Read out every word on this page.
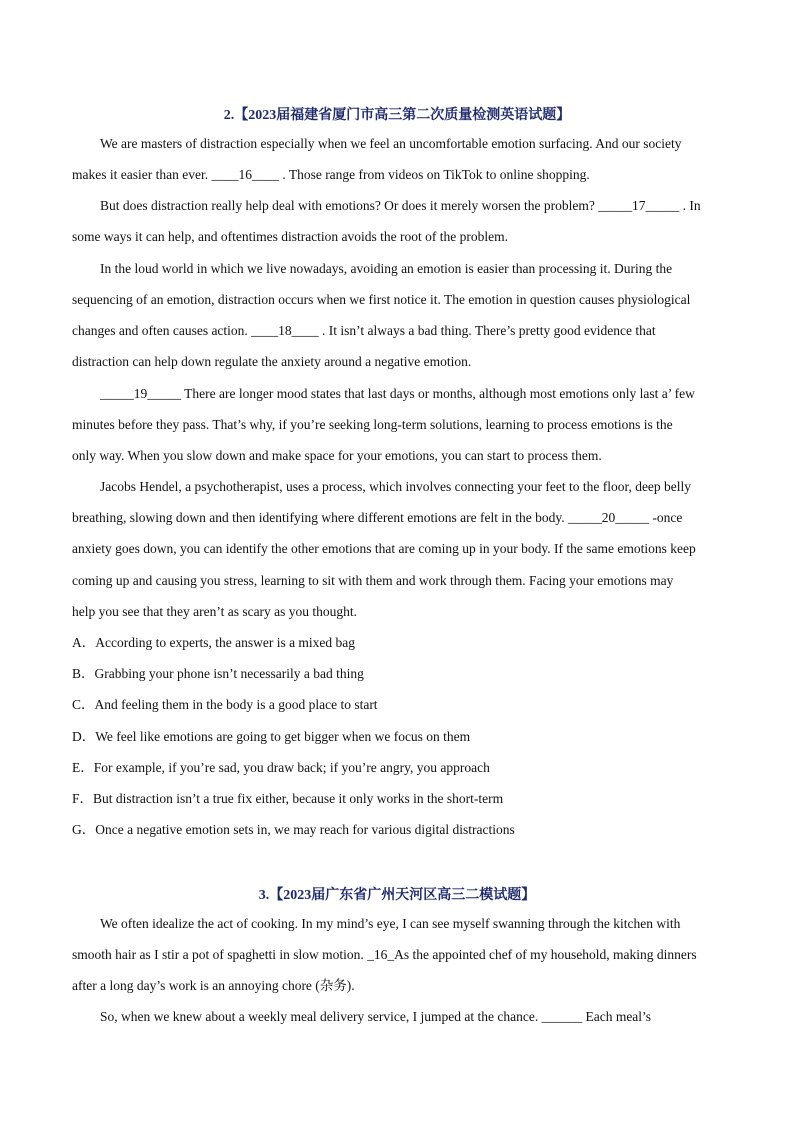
2.【2023届福建省厦门市高三第二次质量检测英语试题】
We are masters of distraction especially when we feel an uncomfortable emotion surfacing. And our society
makes it easier than ever. ____16____ . Those range from videos on TikTok to online shopping.
But does distraction really help deal with emotions? Or does it merely worsen the problem? _____17_____ . In
some ways it can help, and oftentimes distraction avoids the root of the problem.
In the loud world in which we live nowadays, avoiding an emotion is easier than processing it. During the
sequencing of an emotion, distraction occurs when we first notice it. The emotion in question causes physiological
changes and often causes action. ____18____ . It isn’t always a bad thing. There’s pretty good evidence that
distraction can help down regulate the anxiety around a negative emotion.
_____19_____ There are longer mood states that last days or months, although most emotions only last a’ few
minutes before they pass. That’s why, if you’re seeking long-term solutions, learning to process emotions is the
only way. When you slow down and make space for your emotions, you can start to process them.
Jacobs Hendel, a psychotherapist, uses a process, which involves connecting your feet to the floor, deep belly
breathing, slowing down and then identifying where different emotions are felt in the body. _____20_____ -once
anxiety goes down, you can identify the other emotions that are coming up in your body. If the same emotions keep
coming up and causing you stress, learning to sit with them and work through them. Facing your emotions may
help you see that they aren’t as scary as you thought.
A．According to experts, the answer is a mixed bag
B．Grabbing your phone isn’t necessarily a bad thing
C．And feeling them in the body is a good place to start
D．We feel like emotions are going to get bigger when we focus on them
E．For example, if you’re sad, you draw back; if you’re angry, you approach
F．But distraction isn’t a true fix either, because it only works in the short-term
G．Once a negative emotion sets in, we may reach for various digital distractions
3.【2023届广东省广州天河区高三二模试题】
We often idealize the act of cooking. In my mind’s eye, I can see myself swanning through the kitchen with
smooth hair as I stir a pot of spaghetti in slow motion. _16_As the appointed chef of my household, making dinners
after a long day’s work is an annoying chore (杂务).
So, when we knew about a weekly meal delivery service, I jumped at the chance. ______ Each meal’s
